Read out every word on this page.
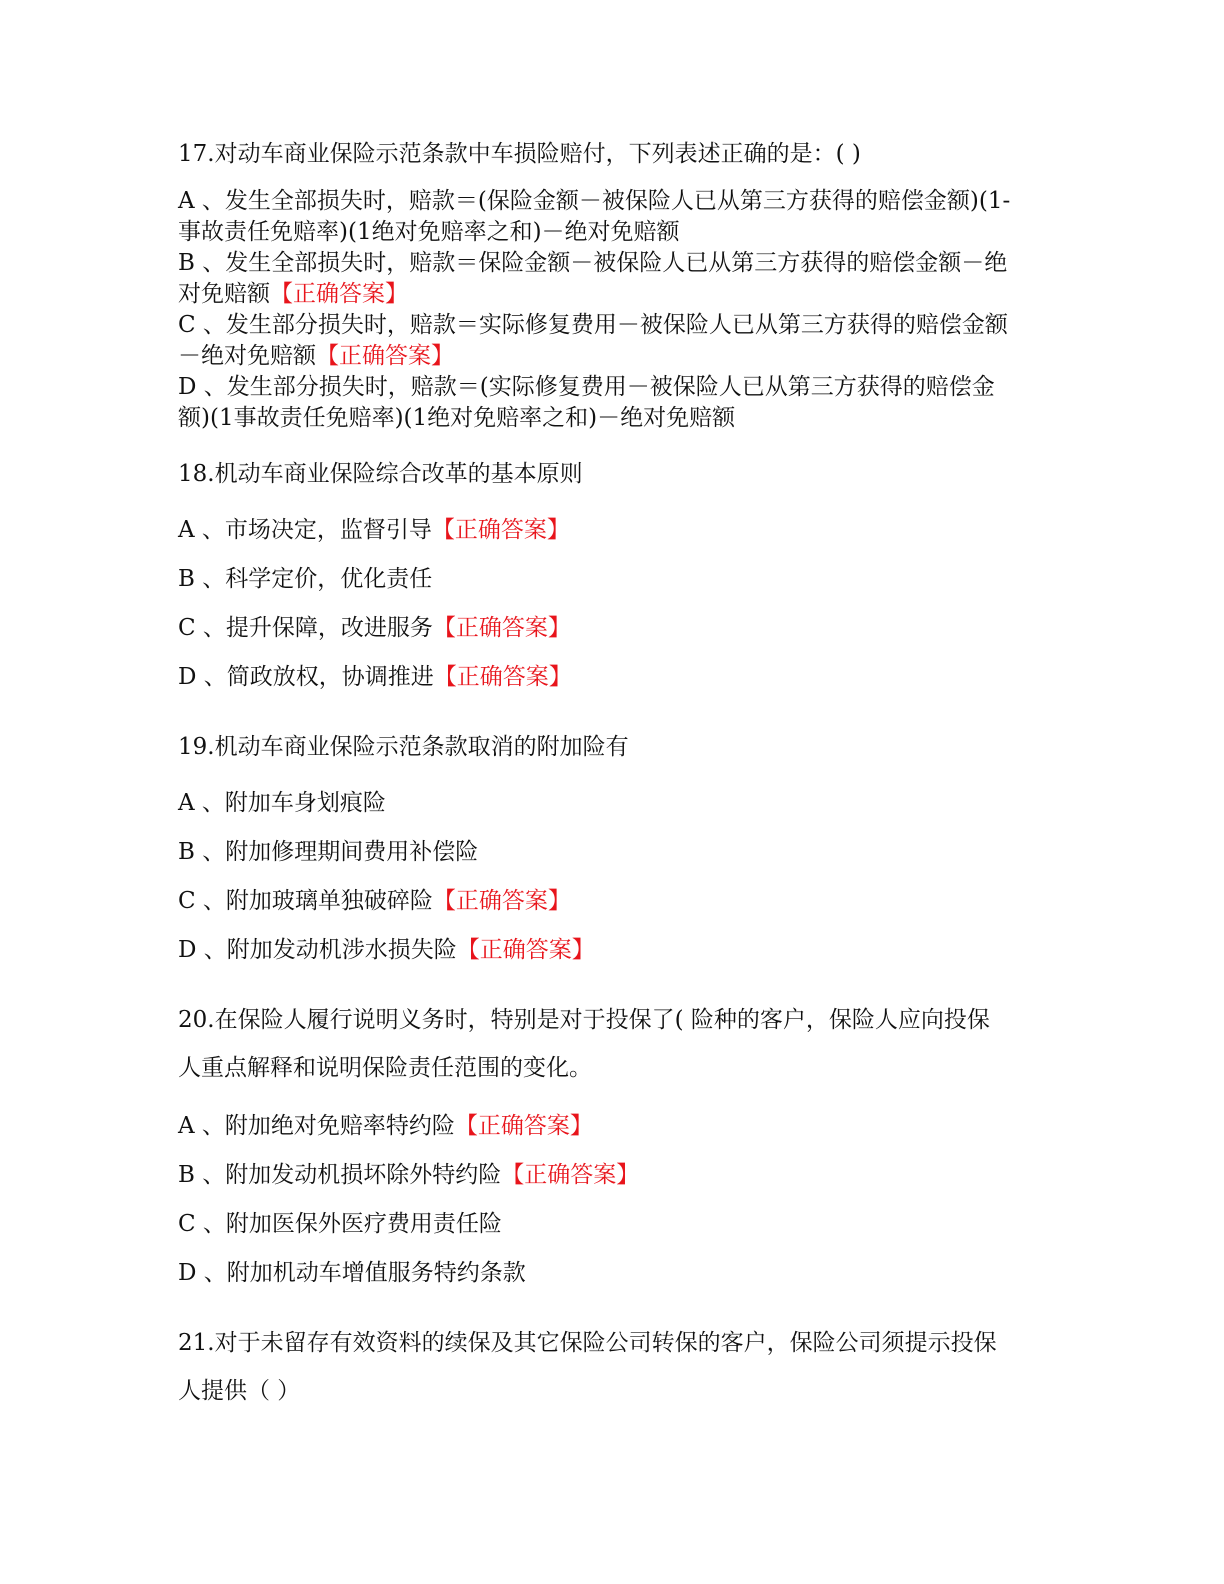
17.对动车商业保险示范条款中车损险赔付，下列表述正确的是：( )

A 、发生全部损失时，赔款＝(保险金额－被保险人已从第三方获得的赔偿金额)(1-
事故责任免赔率)(1绝对免赔率之和)－绝对免赔额

B 、发生全部损失时，赔款＝保险金额－被保险人已从第三方获得的赔偿金额－绝
对免赔额【正确答案】

C 、发生部分损失时，赔款＝实际修复费用－被保险人已从第三方获得的赔偿金额
－绝对免赔额【正确答案】

D 、发生部分损失时，赔款＝(实际修复费用－被保险人已从第三方获得的赔偿金
额)(1事故责任免赔率)(1绝对免赔率之和)－绝对免赔额

18.机动车商业保险综合改革的基本原则

A 、市场决定，监督引导【正确答案】

B 、科学定价，优化责任

C 、提升保障，改进服务【正确答案】

D 、简政放权，协调推进【正确答案】

19.机动车商业保险示范条款取消的附加险有

A 、附加车身划痕险

B 、附加修理期间费用补偿险

C 、附加玻璃单独破碎险【正确答案】

D 、附加发动机涉水损失险【正确答案】

20.在保险人履行说明义务时，特别是对于投保了( 险种的客户，保险人应向投保
人重点解释和说明保险责任范围的变化。

A 、附加绝对免赔率特约险【正确答案】

B 、附加发动机损坏除外特约险【正确答案】

C 、附加医保外医疗费用责任险

D 、附加机动车增值服务特约条款

21.对于未留存有效资料的续保及其它保险公司转保的客户，保险公司须提示投保
人提供（ ）
